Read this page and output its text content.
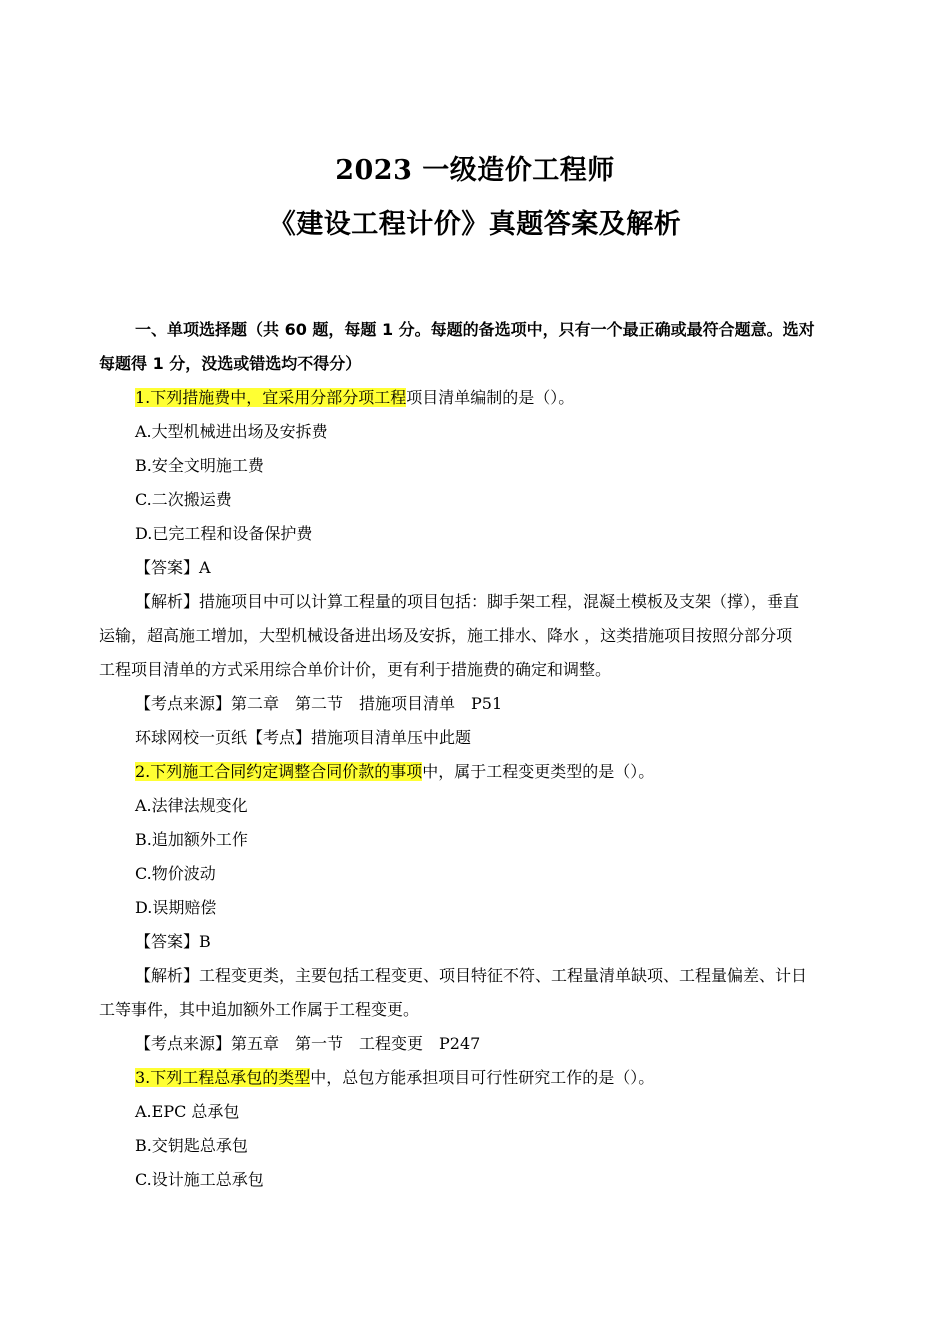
2023 一级造价工程师
《建设工程计价》真题答案及解析
一、单项选择题（共 60 题，每题 1 分。每题的备选项中，只有一个最正确或最符合题意。选对
每题得 1 分，没选或错选均不得分）
1.下列措施费中，宜采用分部分项工程项目清单编制的是（）。
A.大型机械进出场及安拆费
B.安全文明施工费
C.二次搬运费
D.已完工程和设备保护费
【答案】A
【解析】措施项目中可以计算工程量的项目包括：脚手架工程，混凝土模板及支架（撑），垂直
运输，超高施工增加，大型机械设备进出场及安拆，施工排水、降水 ，这类措施项目按照分部分项
工程项目清单的方式采用综合单价计价，更有利于措施费的确定和调整。
【考点来源】第二章　第二节　措施项目清单　P51
环球网校一页纸【考点】措施项目清单压中此题
2.下列施工合同约定调整合同价款的事项中，属于工程变更类型的是（）。
A.法律法规变化
B.追加额外工作
C.物价波动
D.误期赔偿
【答案】B
【解析】工程变更类，主要包括工程变更、项目特征不符、工程量清单缺项、工程量偏差、计日
工等事件，其中追加额外工作属于工程变更。
【考点来源】第五章　第一节　工程变更　P247
3.下列工程总承包的类型中，总包方能承担项目可行性研究工作的是（）。
A.EPC 总承包
B.交钥匙总承包
C.设计施工总承包
